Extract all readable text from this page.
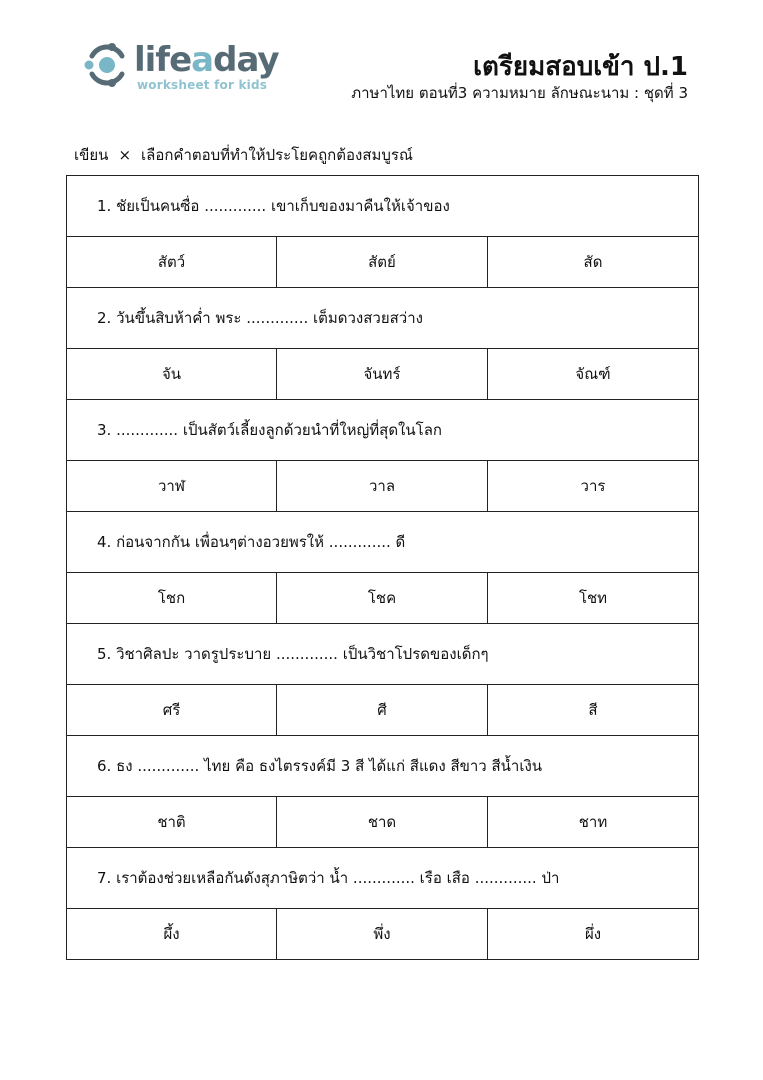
lifeaday
worksheet for kids
เตรียมสอบเข้า ป.1
ภาษาไทย ตอนที่3 ความหมาย ลักษณะนาม : ชุดที่ 3
เขียน × เลือกคำตอบที่ทำให้ประโยคถูกต้องสมบูรณ์
1. ชัยเป็นคนซื่อ ............. เขาเก็บของมาคืนให้เจ้าของ		
สัตว์	สัตย์	สัด
2. วันขึ้นสิบห้าค่ำ พระ ............. เต็มดวงสวยสว่าง		
จัน	จันทร์	จัณฑ์
3. ............. เป็นสัตว์เลี้ยงลูกด้วยนำที่ใหญ่ที่สุดในโลก		
วาฬ	วาล	วาร
4. ก่อนจากกัน เพื่อนๆต่างอวยพรให้ ............. ดี		
โชก	โชค	โชท
5. วิชาศิลปะ วาดรูประบาย ............. เป็นวิชาโปรดของเด็กๆ		
ศรี	ศี	สี
6. ธง ............. ไทย คือ ธงไตรรงค์มี 3 สี ได้แก่ สีแดง สีขาว สีน้ำเงิน		
ชาติ	ชาด	ชาท
7. เราต้องช่วยเหลือกันดังสุภาษิตว่า น้ำ ............. เรือ เสือ ............. ป่า		
ผึ้ง	พึ่ง	ผึ่ง
